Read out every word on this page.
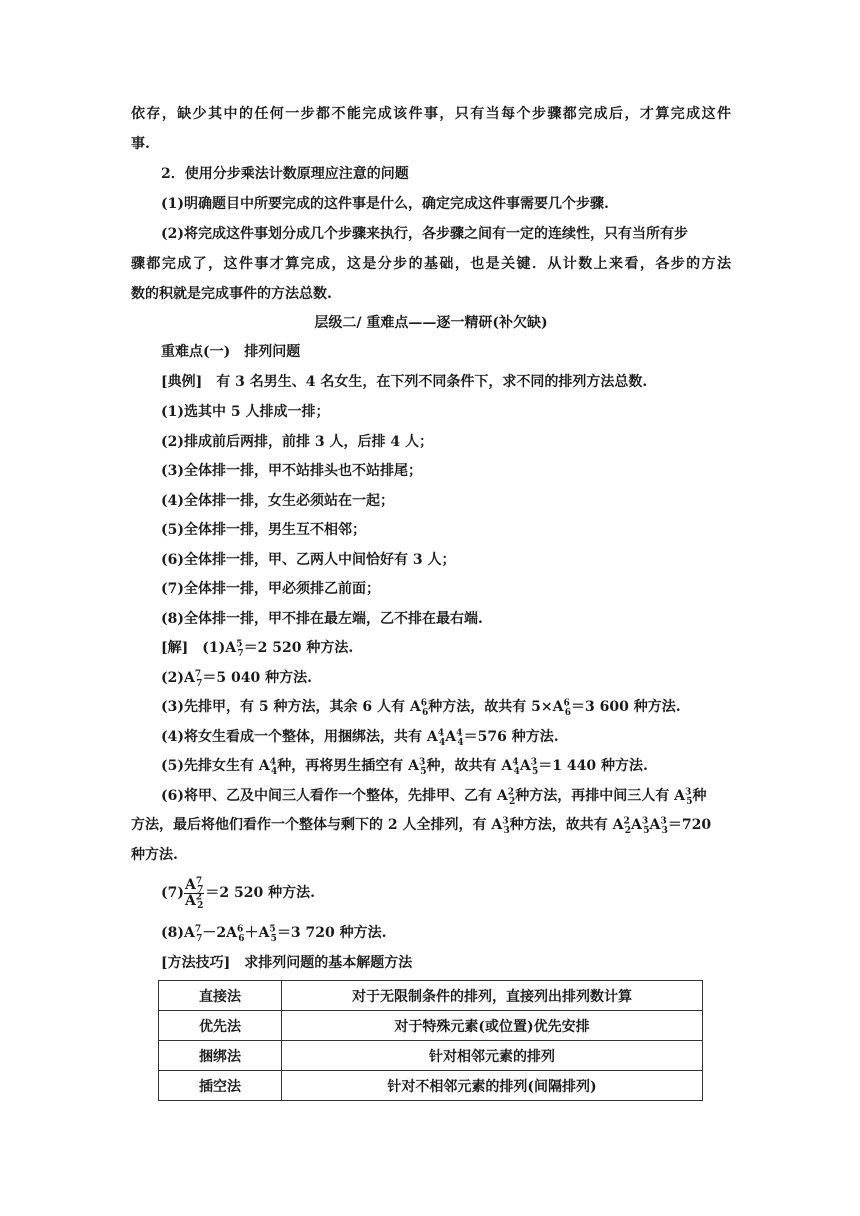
依存，缺少其中的任何一步都不能完成该件事，只有当每个步骤都完成后，才算完成这件
事.
2．使用分步乘法计数原理应注意的问题
(1)明确题目中所要完成的这件事是什么，确定完成这件事需要几个步骤.
(2)将完成这件事划分成几个步骤来执行，各步骤之间有一定的连续性，只有当所有步
骤都完成了，这件事才算完成，这是分步的基础，也是关键．从计数上来看，各步的方法
数的积就是完成事件的方法总数.
层级二/ 重难点——逐一精研(补欠缺)
重难点(一)　排列问题
[典例]　有 3 名男生、4 名女生，在下列不同条件下，求不同的排列方法总数.
(1)选其中 5 人排成一排；
(2)排成前后两排，前排 3 人，后排 4 人；
(3)全体排一排，甲不站排头也不站排尾；
(4)全体排一排，女生必须站在一起；
(5)全体排一排，男生互不相邻；
(6)全体排一排，甲、乙两人中间恰好有 3 人；
(7)全体排一排，甲必须排乙前面；
(8)全体排一排，甲不排在最左端，乙不排在最右端.
[解]　$(1)A^5_7=2$ 520 种方法.
$(2)A^7_7=5$ 040 种方法.
(3)先排甲，有 5 种方法，其余 6 人有 $A^6_6$种方法，故共有 $5\times A^6_6=3$ 600 种方法.
(4)将女生看成一个整体，用捆绑法，共有 $A^4_4A^4_4=576$ 种方法.
(5)先排女生有 $A^4_4$种，再将男生插空有 $A^3_5$种，故共有 $A^4_4A^3_5=1$ 440 种方法.
(6)将甲、乙及中间三人看作一个整体，先排甲、乙有 $A^2_2$种方法，再排中间三人有 $A^3_5$种
方法，最后将他们看作一个整体与剩下的 2 人全排列，有 $A^3_3$种方法，故共有 $A^2_2A^3_5A^3_3=720$
种方法.
$(7) \frac{A^7_7}{A^2_2} =2$ 520 种方法.
$(8)A^7_7-2A^6_6+A^5_5=3$ 720 种方法.
[方法技巧]　求排列问题的基本解题方法
直接法	对于无限制条件的排列，直接列出排列数计算
优先法	对于特殊元素(或位置)优先安排
捆绑法	针对相邻元素的排列
插空法	针对不相邻元素的排列(间隔排列)
